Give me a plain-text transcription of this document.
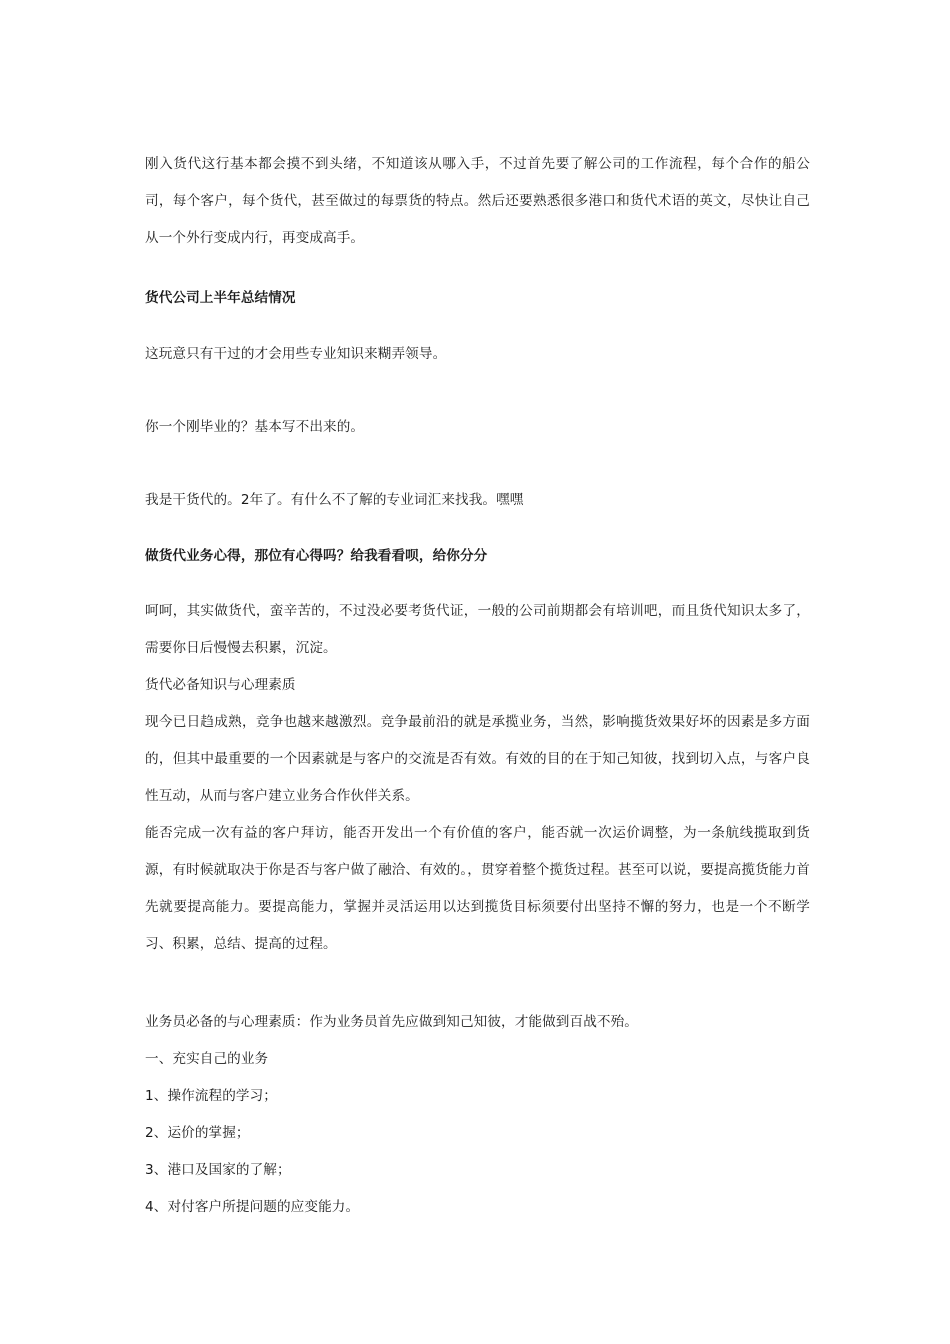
刚入货代这行基本都会摸不到头绪，不知道该从哪入手，不过首先要了解公司的工作流程，每个合作的船公司，每个客户，每个货代，甚至做过的每票货的特点。然后还要熟悉很多港口和货代术语的英文，尽快让自己从一个外行变成内行，再变成高手。
货代公司上半年总结情况
这玩意只有干过的才会用些专业知识来糊弄领导。
你一个刚毕业的？基本写不出来的。
我是干货代的。2年了。有什么不了解的专业词汇来找我。嘿嘿
做货代业务心得，那位有心得吗？给我看看呗，给你分分
呵呵，其实做货代，蛮辛苦的，不过没必要考货代证，一般的公司前期都会有培训吧，而且货代知识太多了，需要你日后慢慢去积累，沉淀。
货代必备知识与心理素质
现今已日趋成熟，竞争也越来越激烈。竞争最前沿的就是承揽业务，当然，影响揽货效果好坏的因素是多方面的，但其中最重要的一个因素就是与客户的交流是否有效。有效的目的在于知己知彼，找到切入点，与客户良性互动，从而与客户建立业务合作伙伴关系。
能否完成一次有益的客户拜访，能否开发出一个有价值的客户，能否就一次运价调整，为一条航线揽取到货源，有时候就取决于你是否与客户做了融洽、有效的。，贯穿着整个揽货过程。甚至可以说，要提高揽货能力首先就要提高能力。要提高能力，掌握并灵活运用以达到揽货目标须要付出坚持不懈的努力，也是一个不断学习、积累，总结、提高的过程。
业务员必备的与心理素质：作为业务员首先应做到知己知彼，才能做到百战不殆。
一、充实自己的业务
1、操作流程的学习；
2、运价的掌握；
3、港口及国家的了解；
4、对付客户所提问题的应变能力。
